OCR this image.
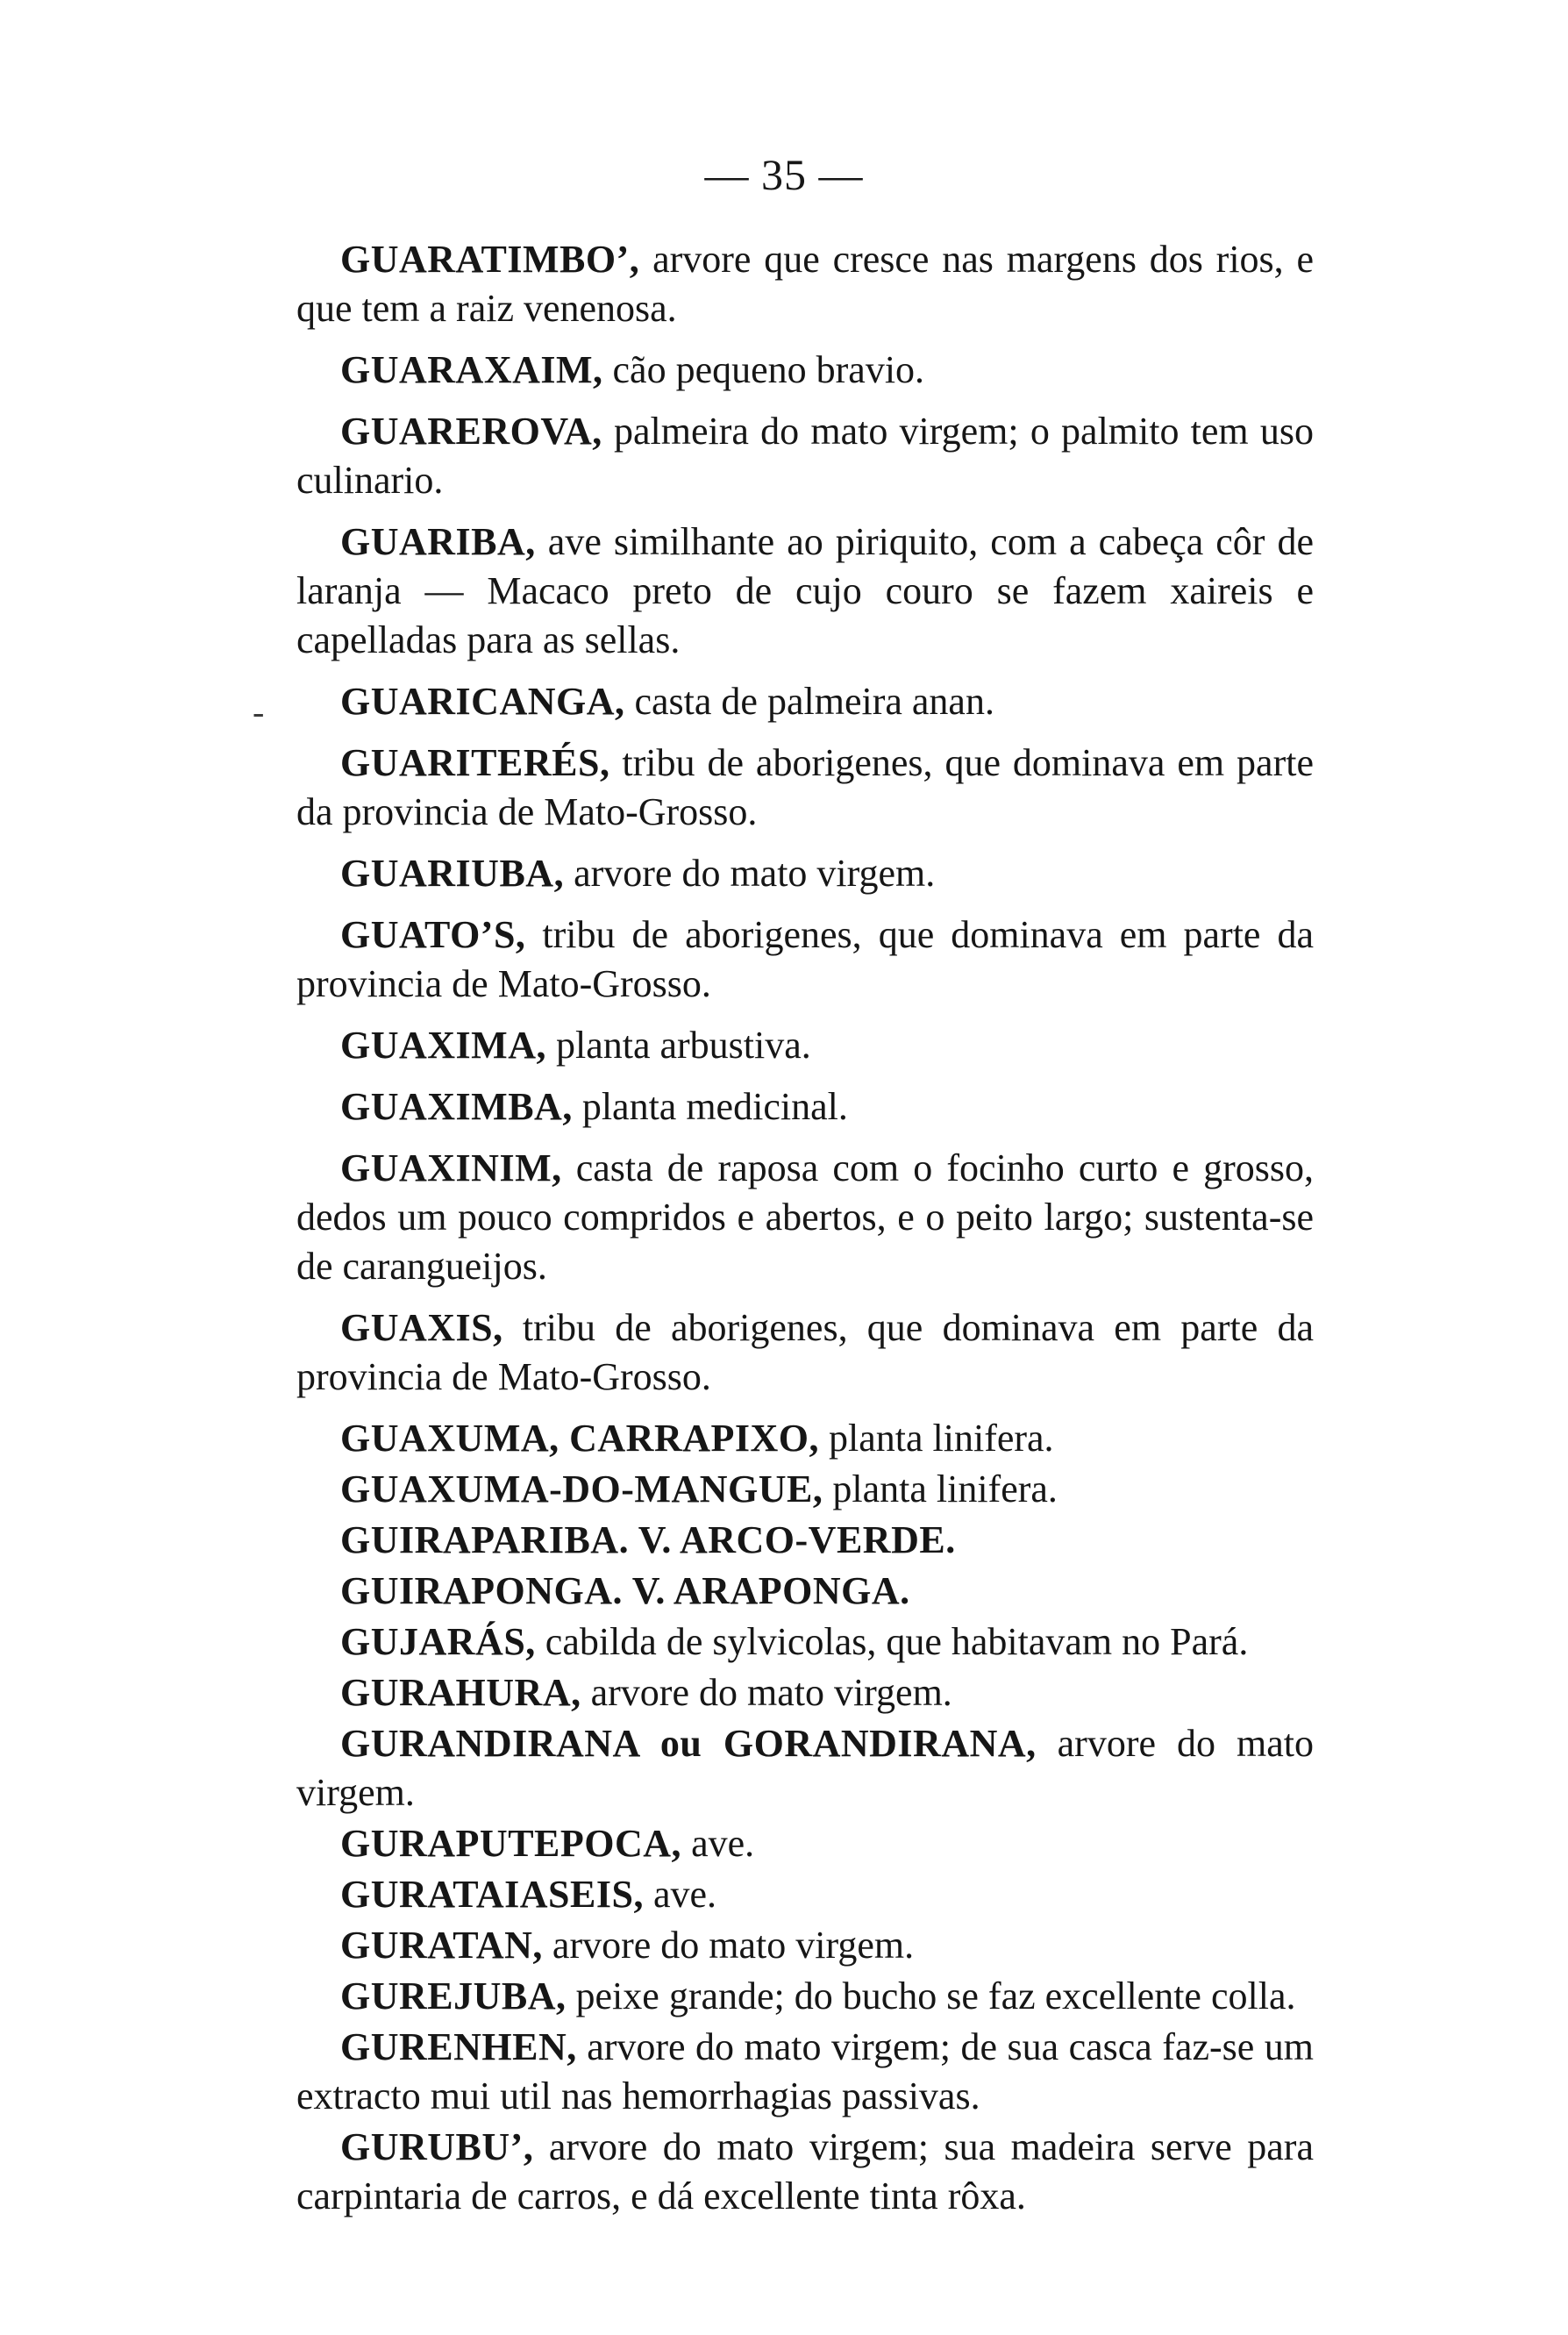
— 35 —
-

GUARATIMBO’, arvore que cresce nas margens dos rios, e que tem a raiz venenosa.

GUARAXAIM, cão pequeno bravio.

GUAREROVA, palmeira do mato virgem; o palmito tem uso culinario.

GUARIBA, ave similhante ao piriquito, com a cabeça côr de laranja — Macaco preto de cujo couro se fazem xaireis e capelladas para as sellas.

GUARICANGA, casta de palmeira anan.

GUARITERÉS, tribu de aborigenes, que dominava em parte da provincia de Mato-Grosso.

GUARIUBA, arvore do mato virgem.

GUATO’S, tribu de aborigenes, que dominava em parte da provincia de Mato-Grosso.

GUAXIMA, planta arbustiva.

GUAXIMBA, planta medicinal.

GUAXINIM, casta de raposa com o focinho curto e grosso, dedos um pouco compridos e abertos, e o peito largo; sustenta-se de carangueijos.

GUAXIS, tribu de aborigenes, que dominava em parte da provincia de Mato-Grosso.

GUAXUMA, CARRAPIXO, planta linifera.

GUAXUMA-DO-MANGUE, planta linifera.

GUIRAPARIBA. V. ARCO-VERDE.

GUIRAPONGA. V. ARAPONGA.

GUJARÁS, cabilda de sylvicolas, que habitavam no Pará.

GURAHURA, arvore do mato virgem.

GURANDIRANA ou GORANDIRANA, arvore do mato virgem.

GURAPUTEPOCA, ave.

GURATAIASEIS, ave.

GURATAN, arvore do mato virgem.

GUREJUBA, peixe grande; do bucho se faz excellente colla.

GURENHEN, arvore do mato virgem; de sua casca faz-se um extracto mui util nas hemorrhagias passivas.

GURUBU’, arvore do mato virgem; sua madeira serve para carpintaria de carros, e dá excellente tinta rôxa.
